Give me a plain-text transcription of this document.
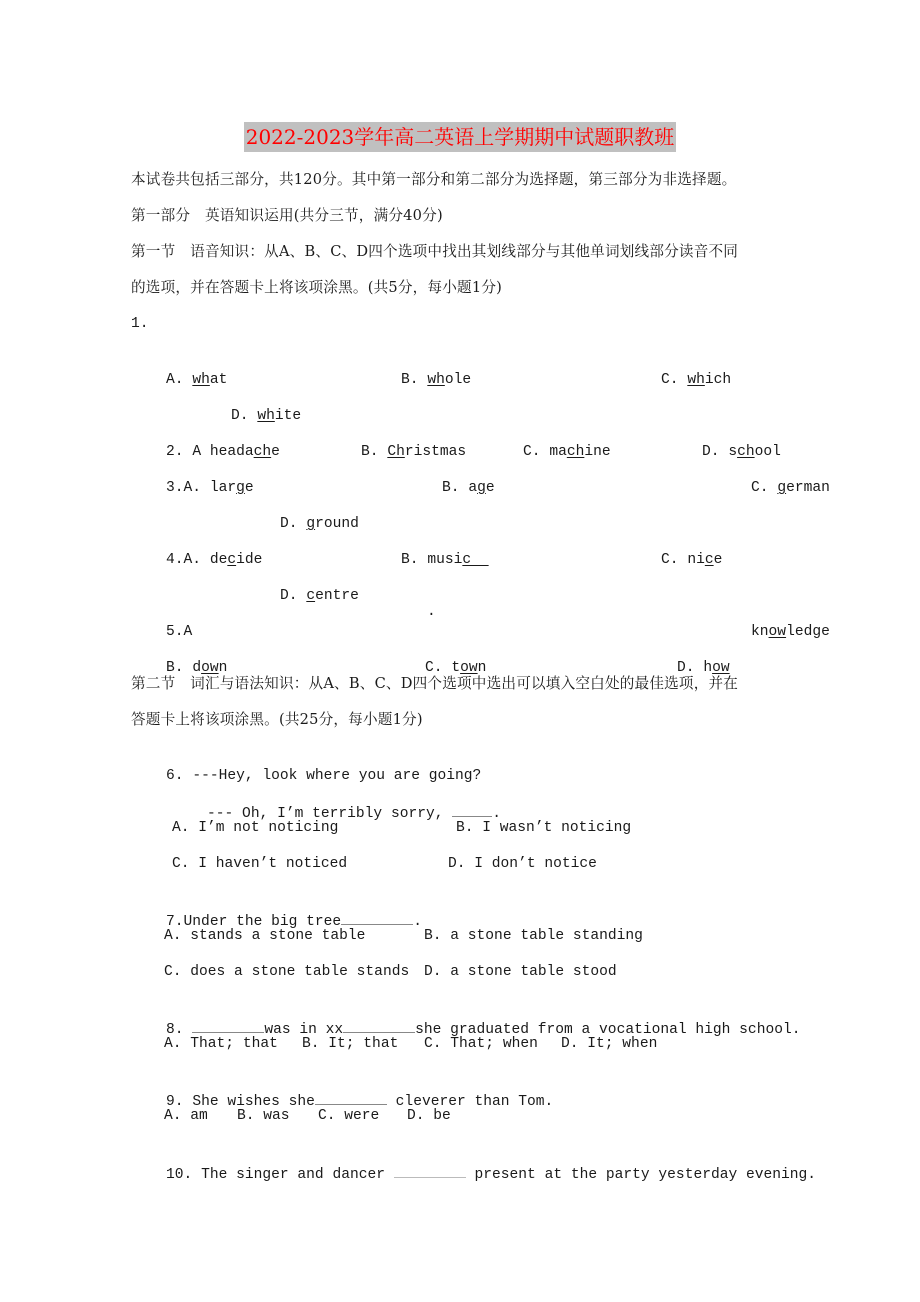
2022-2023学年高二英语上学期期中试题职教班
本试卷共包括三部分，共120分。其中第一部分和第二部分为选择题，第三部分为非选择题。
第一部分　英语知识运用(共分三节，满分40分)
第一节　语音知识：从A、B、C、D四个选项中找出其划线部分与其他单词划线部分读音不同
的选项，并在答题卡上将该项涂黑。(共5分，每小题1分)
1.

A. what
	B. whole
	C. which

D. white

2. A headache
	B. Christmas
	C. machine
	D. school

3.A. large
	B. age
	C. german

D. ground

4.A. decide
	B. music
	C. nice

D. centre

5.A

.

knowledge

B. down
	C. town
	D. how

第二节　词汇与语法知识：从A、B、C、D四个选项中选出可以填入空白处的最佳选项，并在
答题卡上将该项涂黑。(共25分，每小题1分)

6. ---Hey, look where you are going?

--- Oh, I’m terribly sorry,	.

A. I’m not noticing	B. I wasn’t noticing
C. I haven’t noticed	D. I don’t notice

7.Under the big tree	.

A. stands a stone table	B. a stone table standing
C. does a stone table stands D. a stone table stood

8.	was in xx	she graduated from a vocational high school.

A. That; that B. It; that C. That; when D. It; when

9. She wishes she	cleverer than Tom.

A. am B. was C. were D. be

10. The singer and dancer	present at the party yesterday evening.
